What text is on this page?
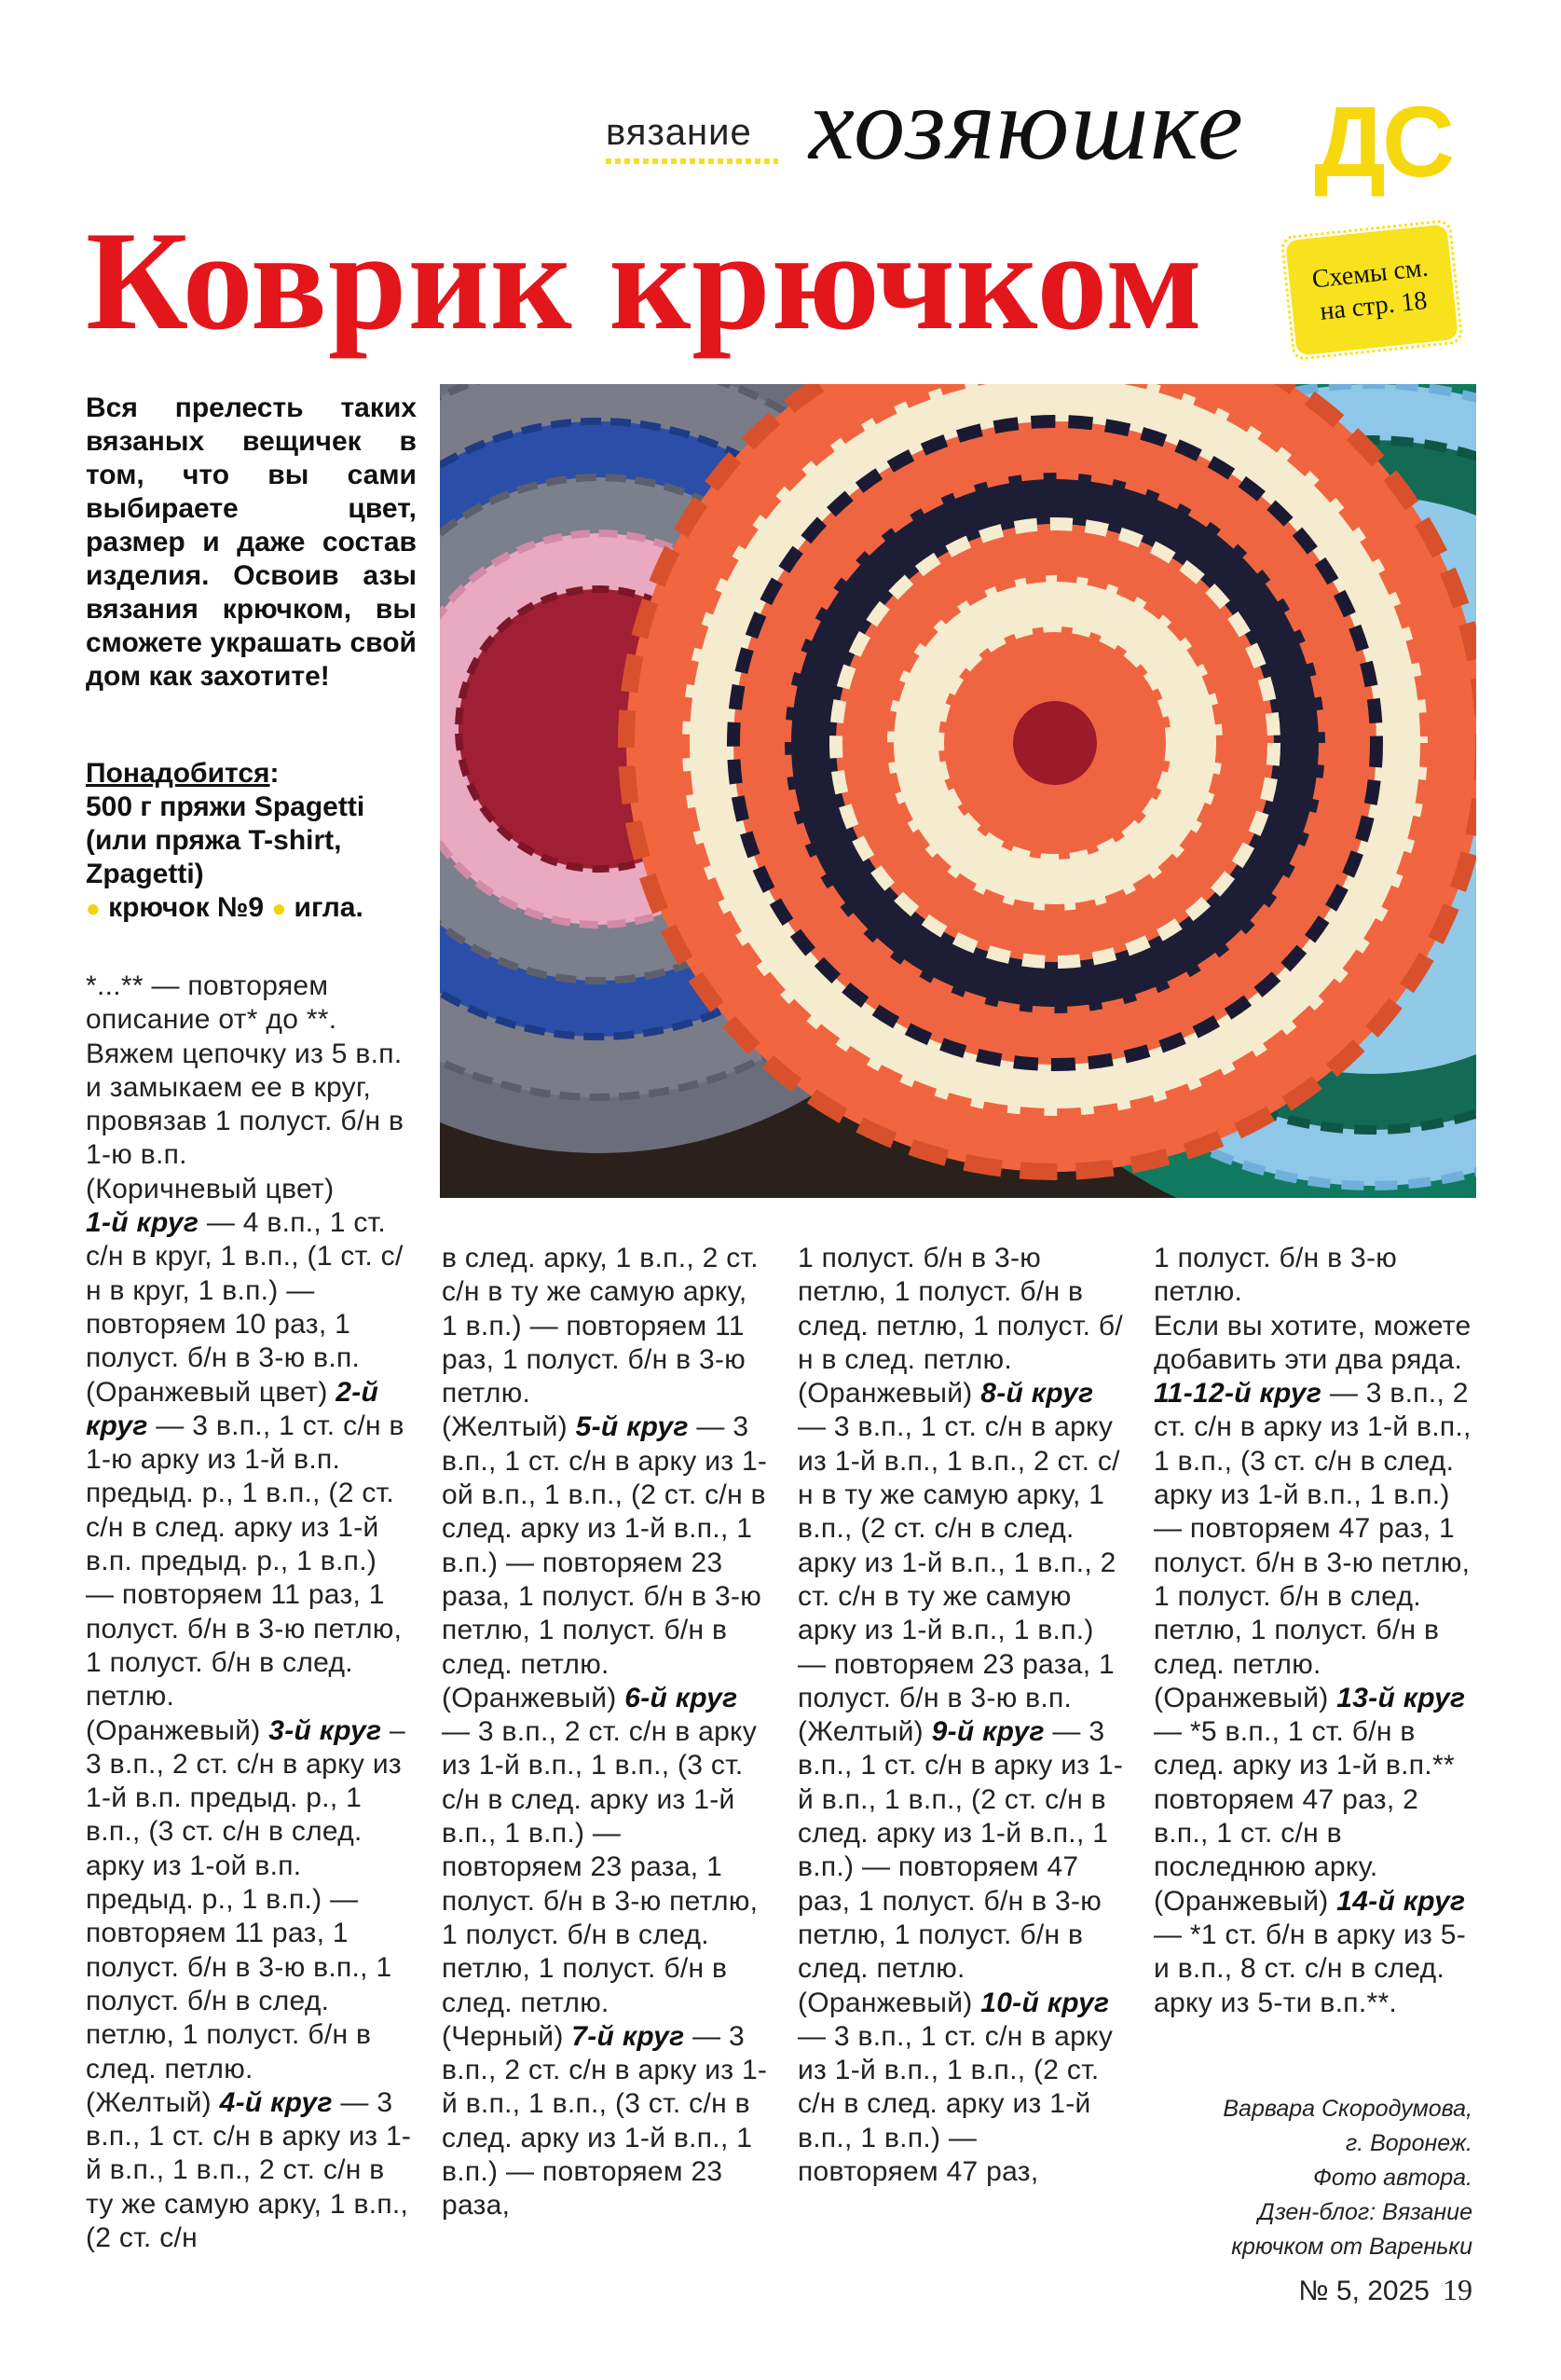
вязание хозяюшке ДС
Коврик крючком	Схемы см.
на стр. 18
Вся прелесть таких вязаных вещичек в том, что вы сами выбираете цвет, размер и даже состав изделия. Освоив азы вязания крючком, вы сможете украшать свой дом как захотите!
Понадобится:
500 г пряжи Spagetti (или пряжа T-shirt, Zpagetti)
● крючок №9 ● игла.

*...** — повторяем описание от* до **.

Вяжем цепочку из 5 в.п. и замыкаем ее в круг, провязав 1 полуст. б/н в 1-ю в.п.

(Коричневый цвет)

1-й круг — 4 в.п., 1 ст. с/н в круг, 1 в.п., (1 ст. с/н в круг, 1 в.п.) — повторяем 10 раз, 1 полуст. б/н в 3-ю в.п.

(Оранжевый цвет) 2-й круг — 3 в.п., 1 ст. с/н в 1-ю арку из 1-й в.п. предыд. р., 1 в.п., (2 ст. с/н в след. арку из 1-й в.п. предыд. р., 1 в.п.) — повторяем 11 раз, 1 полуст. б/н в 3-ю петлю, 1 полуст. б/н в след. петлю.

(Оранжевый) 3-й круг – 3 в.п., 2 ст. с/н в арку из 1-й в.п. предыд. р., 1 в.п., (3 ст. с/н в след. арку из 1-ой в.п. предыд. р., 1 в.п.) — повторяем 11 раз, 1 полуст. б/н в 3-ю в.п., 1 полуст. б/н в след. петлю, 1 полуст. б/н в след. петлю.

(Желтый) 4-й круг — 3 в.п., 1 ст. с/н в арку из 1-й в.п., 1 в.п., 2 ст. с/н в ту же самую арку, 1 в.п., (2 ст. с/н

в след. арку, 1 в.п., 2 ст. с/н в ту же самую арку, 1 в.п.) — повторяем 11 раз, 1 полуст. б/н в 3-ю петлю.

(Желтый) 5-й круг — 3 в.п., 1 ст. с/н в арку из 1-ой в.п., 1 в.п., (2 ст. с/н в след. арку из 1-й в.п., 1 в.п.) — повторяем 23 раза, 1 полуст. б/н в 3-ю петлю, 1 полуст. б/н в след. петлю.

(Оранжевый) 6-й круг — 3 в.п., 2 ст. с/н в арку из 1-й в.п., 1 в.п., (3 ст. с/н в след. арку из 1-й в.п., 1 в.п.) — повторяем 23 раза, 1 полуст. б/н в 3-ю петлю, 1 полуст. б/н в след. петлю, 1 полуст. б/н в след. петлю.

(Черный) 7-й круг — 3 в.п., 2 ст. с/н в арку из 1-й в.п., 1 в.п., (3 ст. с/н в след. арку из 1-й в.п., 1 в.п.) — повторяем 23 раза,

1 полуст. б/н в 3-ю петлю, 1 полуст. б/н в след. петлю, 1 полуст. б/н в след. петлю.

(Оранжевый) 8-й круг — 3 в.п., 1 ст. с/н в арку из 1-й в.п., 1 в.п., 2 ст. с/н в ту же самую арку, 1 в.п., (2 ст. с/н в след. арку из 1-й в.п., 1 в.п., 2 ст. с/н в ту же самую арку из 1-й в.п., 1 в.п.) — повторяем 23 раза, 1 полуст. б/н в 3-ю в.п.

(Желтый) 9-й круг — 3 в.п., 1 ст. с/н в арку из 1-й в.п., 1 в.п., (2 ст. с/н в след. арку из 1-й в.п., 1 в.п.) — повторяем 47 раз, 1 полуст. б/н в 3-ю петлю, 1 полуст. б/н в след. петлю.

(Оранжевый) 10-й круг — 3 в.п., 1 ст. с/н в арку из 1-й в.п., 1 в.п., (2 ст. с/н в след. арку из 1-й в.п., 1 в.п.) — повторяем 47 раз,

1 полуст. б/н в 3-ю петлю.

Если вы хотите, можете добавить эти два ряда. 11-12-й круг — 3 в.п., 2 ст. с/н в арку из 1-й в.п., 1 в.п., (3 ст. с/н в след. арку из 1-й в.п., 1 в.п.) — повторяем 47 раз, 1 полуст. б/н в 3-ю петлю, 1 полуст. б/н в след. петлю, 1 полуст. б/н в след. петлю.

(Оранжевый) 13-й круг — *5 в.п., 1 ст. б/н в след. арку из 1-й в.п.** повторяем 47 раз, 2 в.п., 1 ст. с/н в последнюю арку.

(Оранжевый) 14-й круг — *1 ст. б/н в арку из 5-и в.п., 8 ст. с/н в след. арку из 5-ти в.п.**.

Варвара Скородумова,
г. Воронеж.
Фото автора.
Дзен-блог: Вязание
крючком от Вареньки
№ 5, 2025 19
